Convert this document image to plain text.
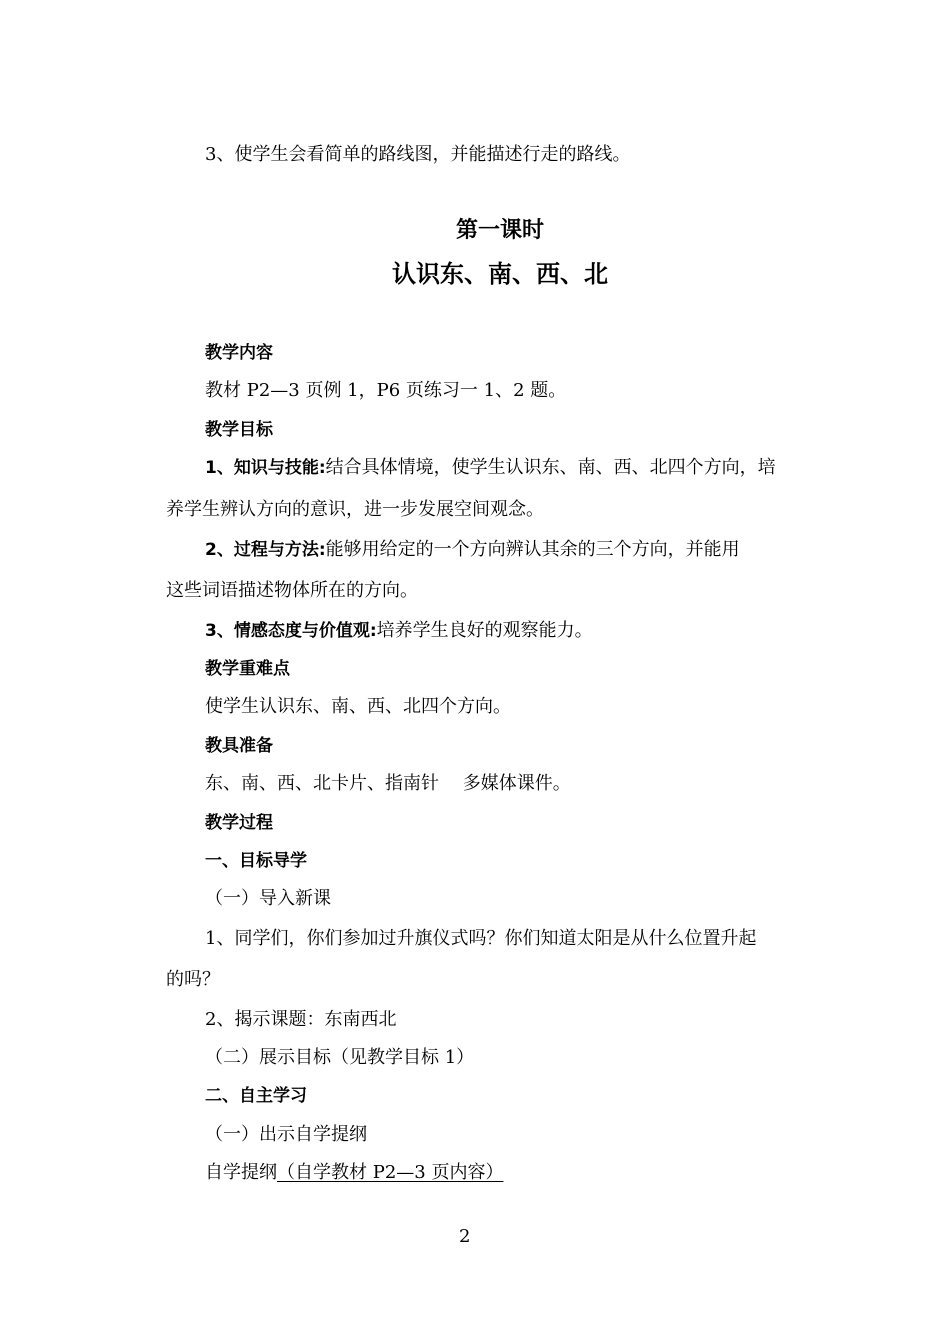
3、使学生会看简单的路线图，并能描述行走的路线。
第一课时
认识东、南、西、北
教学内容
教材 P2—3 页例 1，P6 页练习一 1、2 题。
教学目标
1、知识与技能:结合具体情境，使学生认识东、南、西、北四个方向，培
养学生辨认方向的意识，进一步发展空间观念。
2、过程与方法:能够用给定的一个方向辨认其余的三个方向，并能用
这些词语描述物体所在的方向。
3、情感态度与价值观:培养学生良好的观察能力。
教学重难点
使学生认识东、南、西、北四个方向。
教具准备
东、南、西、北卡片、指南针　 多媒体课件。
教学过程
一、目标导学
（一）导入新课
1、同学们，你们参加过升旗仪式吗？你们知道太阳是从什么位置升起
的吗？
2、揭示课题：东南西北
（二）展示目标（见教学目标 1）
二、自主学习
（一）出示自学提纲
自学提纲（自学教材 P2—3 页内容）
2
